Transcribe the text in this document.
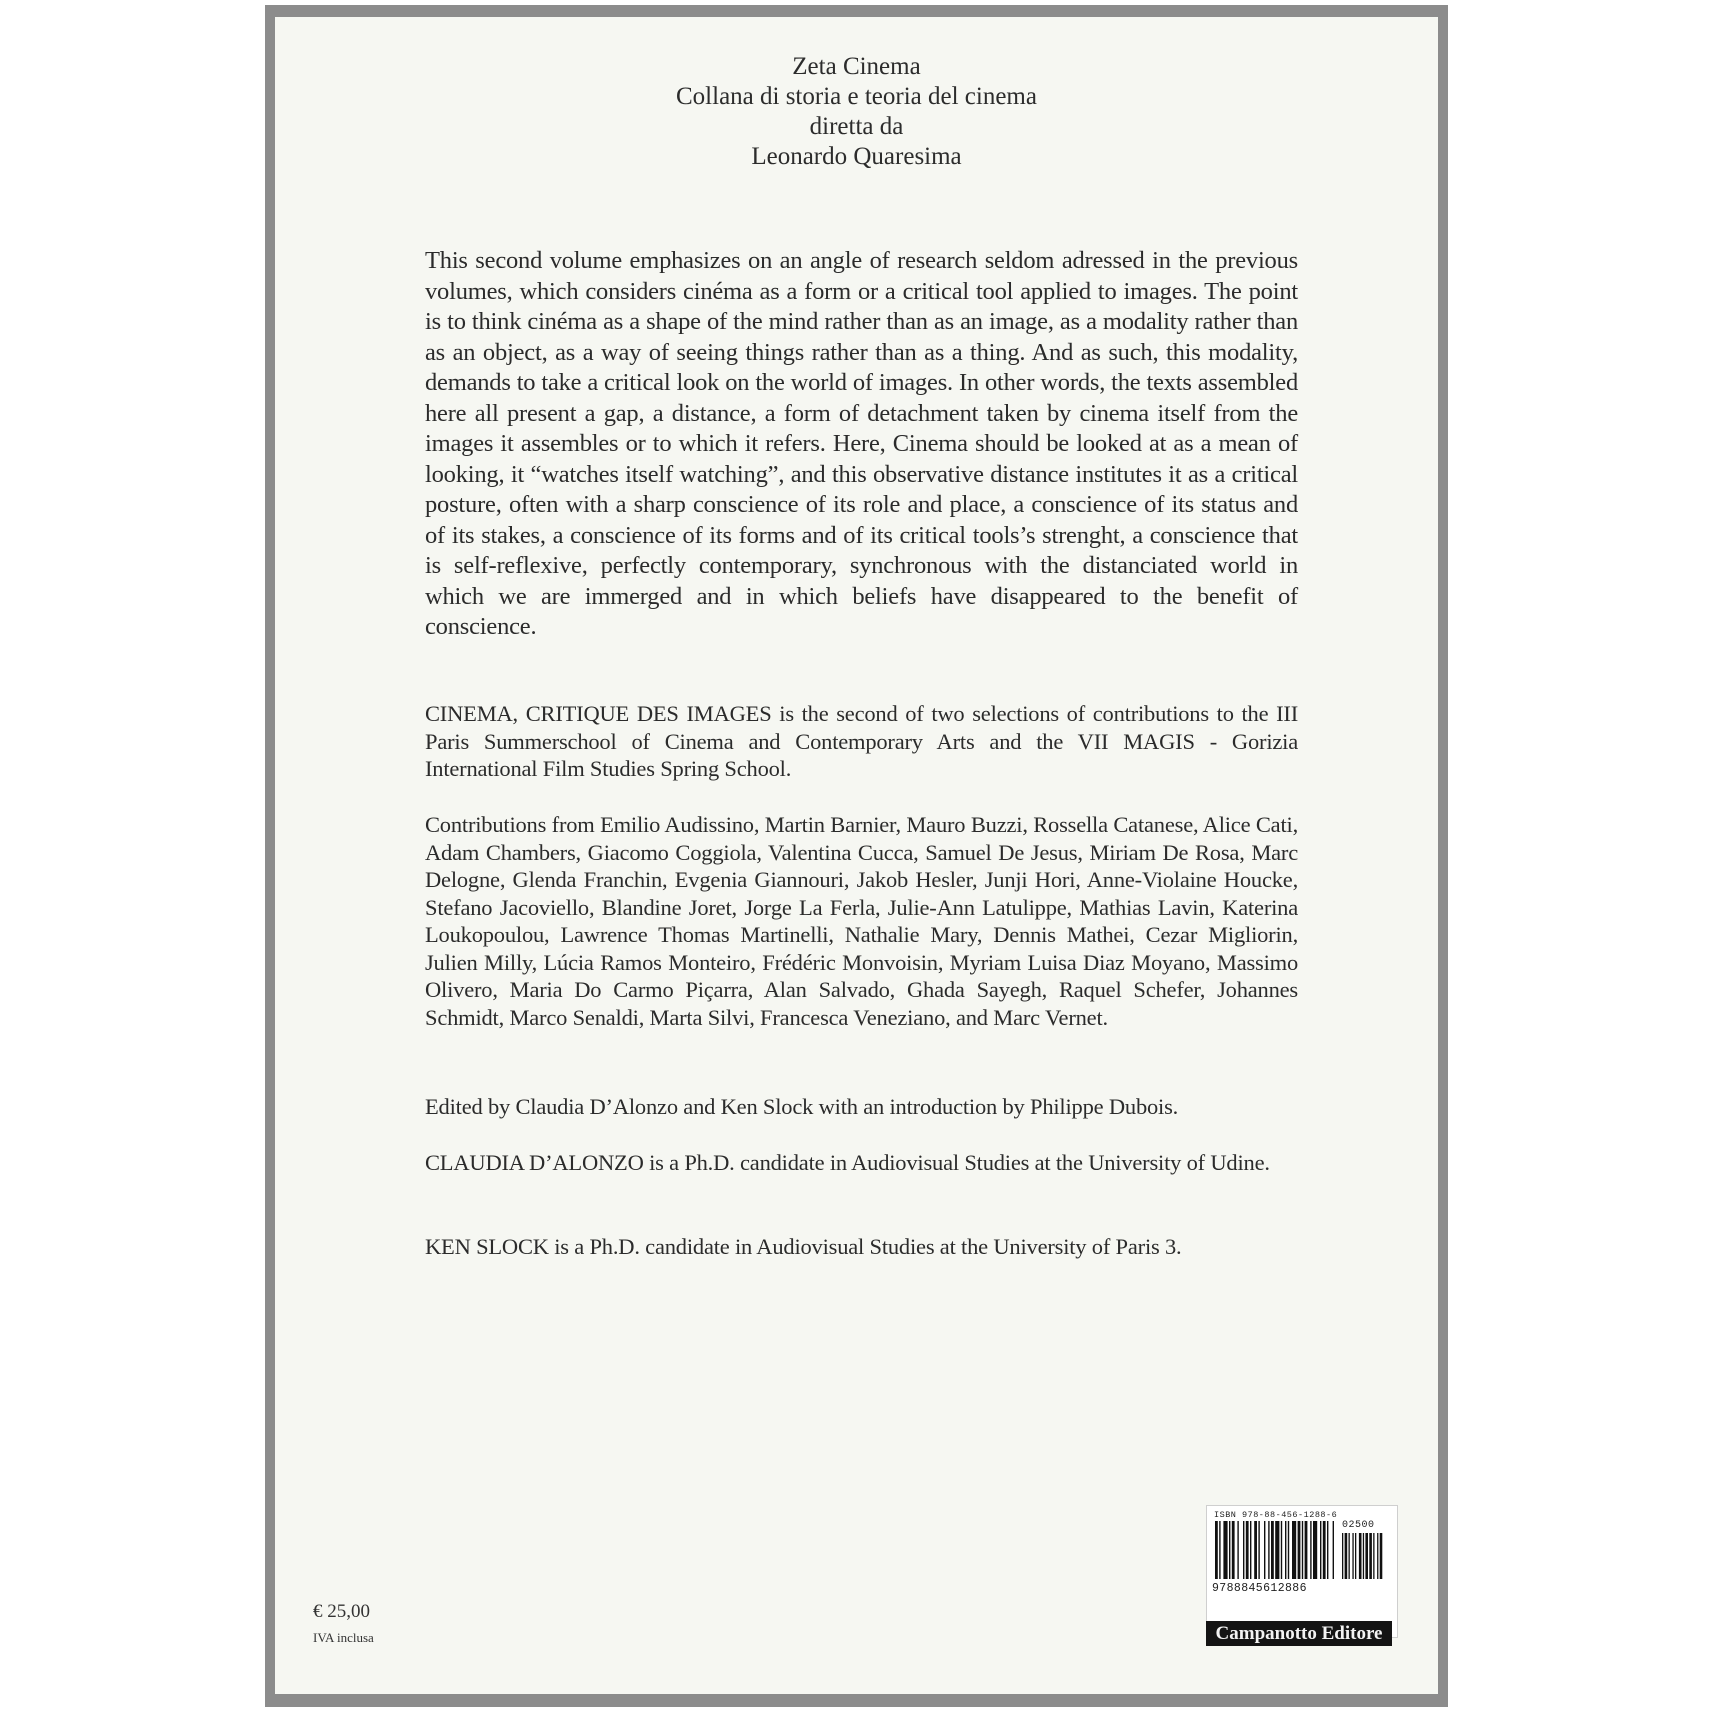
Zeta Cinema
Collana di storia e teoria del cinema
diretta da
Leonardo Quaresima
This second volume emphasizes on an angle of research seldom adressed in the previous volumes, which considers cinéma as a form or a critical tool applied to images. The point is to think cinéma as a shape of the mind rather than as an image, as a modality rather than as an object, as a way of seeing things rather than as a thing. And as such, this modality, demands to take a critical look on the world of images. In other words, the texts assembled here all present a gap, a distance, a form of detachment taken by cinema itself from the images it assembles or to which it refers. Here, Cinema should be looked at as a mean of looking, it “watches itself watching”, and this observative distance institutes it as a critical posture, often with a sharp conscience of its role and place, a conscience of its status and of its stakes, a conscience of its forms and of its critical tools’s strenght, a conscience that is self-reflexive, perfectly contemporary, synchronous with the distanciated world in which we are immerged and in which beliefs have disappeared to the benefit of conscience.
CINEMA, CRITIQUE DES IMAGES is the second of two selections of contributions to the III Paris Summerschool of Cinema and Contemporary Arts and the VII MAGIS - Gorizia International Film Studies Spring School.
Contributions from Emilio Audissino, Martin Barnier, Mauro Buzzi, Rossella Catanese, Alice Cati, Adam Chambers, Giacomo Coggiola, Valentina Cucca, Samuel De Jesus, Miriam De Rosa, Marc Delogne, Glenda Franchin, Evgenia Giannouri, Jakob Hesler, Junji Hori, Anne-Violaine Houcke, Stefano Jacoviello, Blandine Joret, Jorge La Ferla, Julie-Ann Latulippe, Mathias Lavin, Katerina Loukopoulou, Lawrence Thomas Martinelli, Nathalie Mary, Dennis Mathei, Cezar Migliorin, Julien Milly, Lúcia Ramos Monteiro, Frédéric Monvoisin, Myriam Luisa Diaz Moyano, Massimo Olivero, Maria Do Carmo Piçarra, Alan Salvado, Ghada Sayegh, Raquel Schefer, Johannes Schmidt, Marco Senaldi, Marta Silvi, Francesca Veneziano, and Marc Vernet.
Edited by Claudia D’Alonzo and Ken Slock with an introduction by Philippe Dubois.
CLAUDIA D’ALONZO is a Ph.D. candidate in Audiovisual Studies at the University of Udine.
KEN SLOCK is a Ph.D. candidate in Audiovisual Studies at the University of Paris 3.
€ 25,00
IVA inclusa
ISBN 978-88-456-1288-6
02500
9788845612886
Campanotto Editore
